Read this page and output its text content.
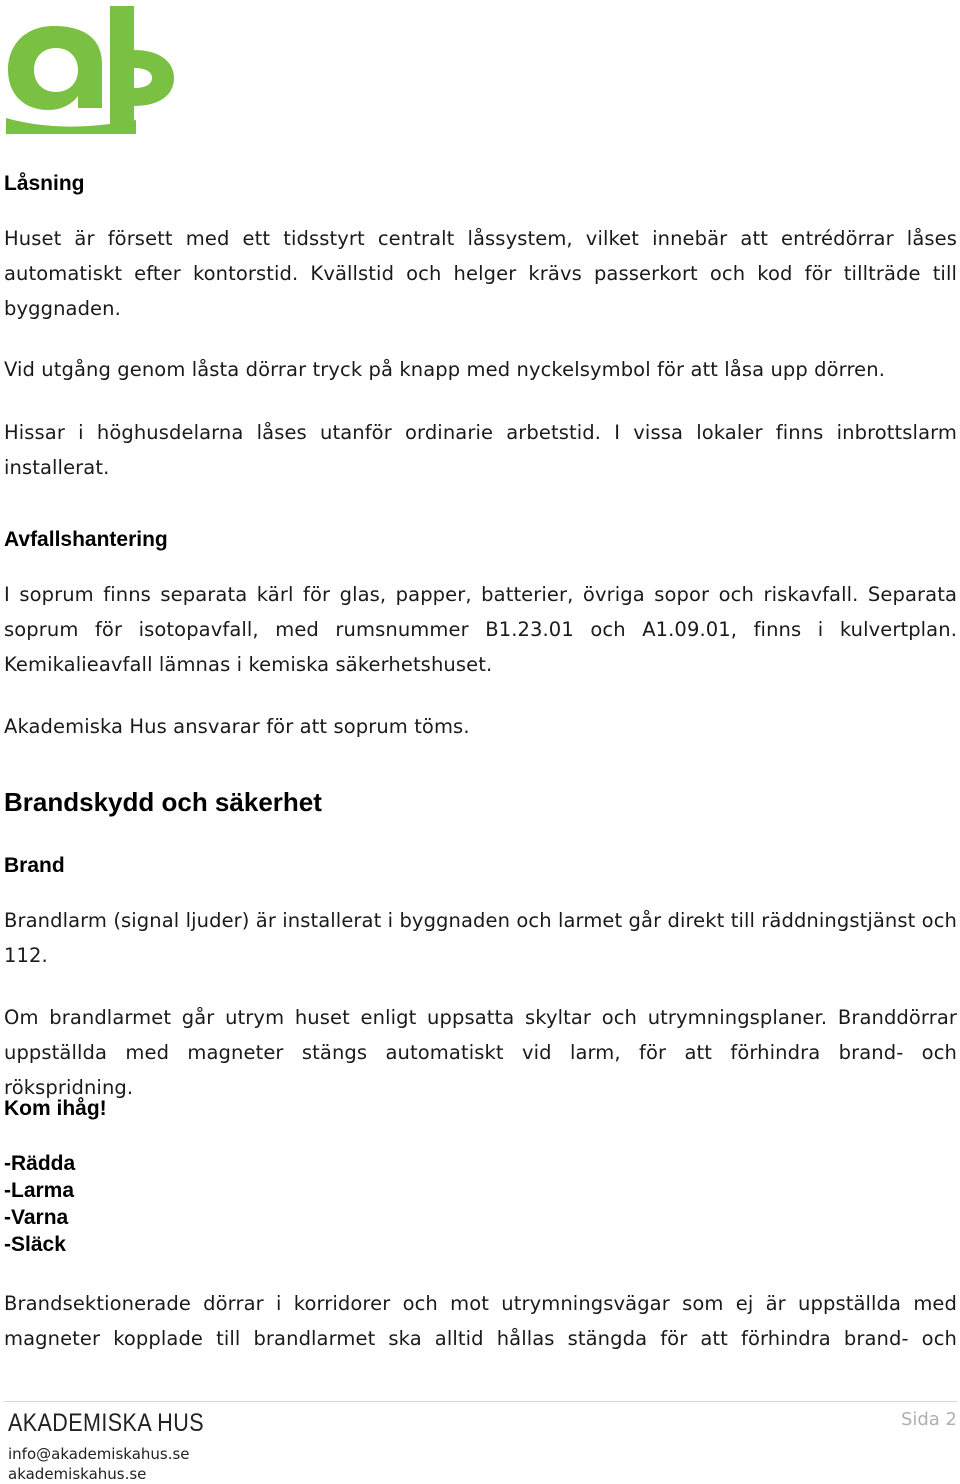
Låsning

Huset är försett med ett tidsstyrt centralt låssystem, vilket innebär att entrédörrar låses automatiskt efter kontorstid. Kvällstid och helger krävs passerkort och kod för tillträde till byggnaden.

Vid utgång genom låsta dörrar tryck på knapp med nyckelsymbol för att låsa upp dörren.

Hissar i höghusdelarna låses utanför ordinarie arbetstid. I vissa lokaler finns inbrottslarm installerat.

Avfallshantering

I soprum finns separata kärl för glas, papper, batterier, övriga sopor och riskavfall. Separata soprum för isotopavfall, med rumsnummer B1.23.01 och A1.09.01, finns i kulvertplan. Kemikalieavfall lämnas i kemiska säkerhetshuset.

Akademiska Hus ansvarar för att soprum töms.

Brandskydd och säkerhet
Brand

Brandlarm (signal ljuder) är installerat i byggnaden och larmet går direkt till räddningstjänst och 112.

Om brandlarmet går utrym huset enligt uppsatta skyltar och utrymningsplaner. Branddörrar uppställda med magneter stängs automatiskt vid larm, för att förhindra brand- och rökspridning.

Kom ihåg!
-Rädda
-Larma
-Varna
-Släck

Brandsektionerade dörrar i korridorer och mot utrymningsvägar som ej är uppställda med magneter kopplade till brandlarmet ska alltid hållas stängda för att förhindra brand- och

AKADEMISKA HUS
info@akademiskahus.se
akademiskahus.se
Sida 2
